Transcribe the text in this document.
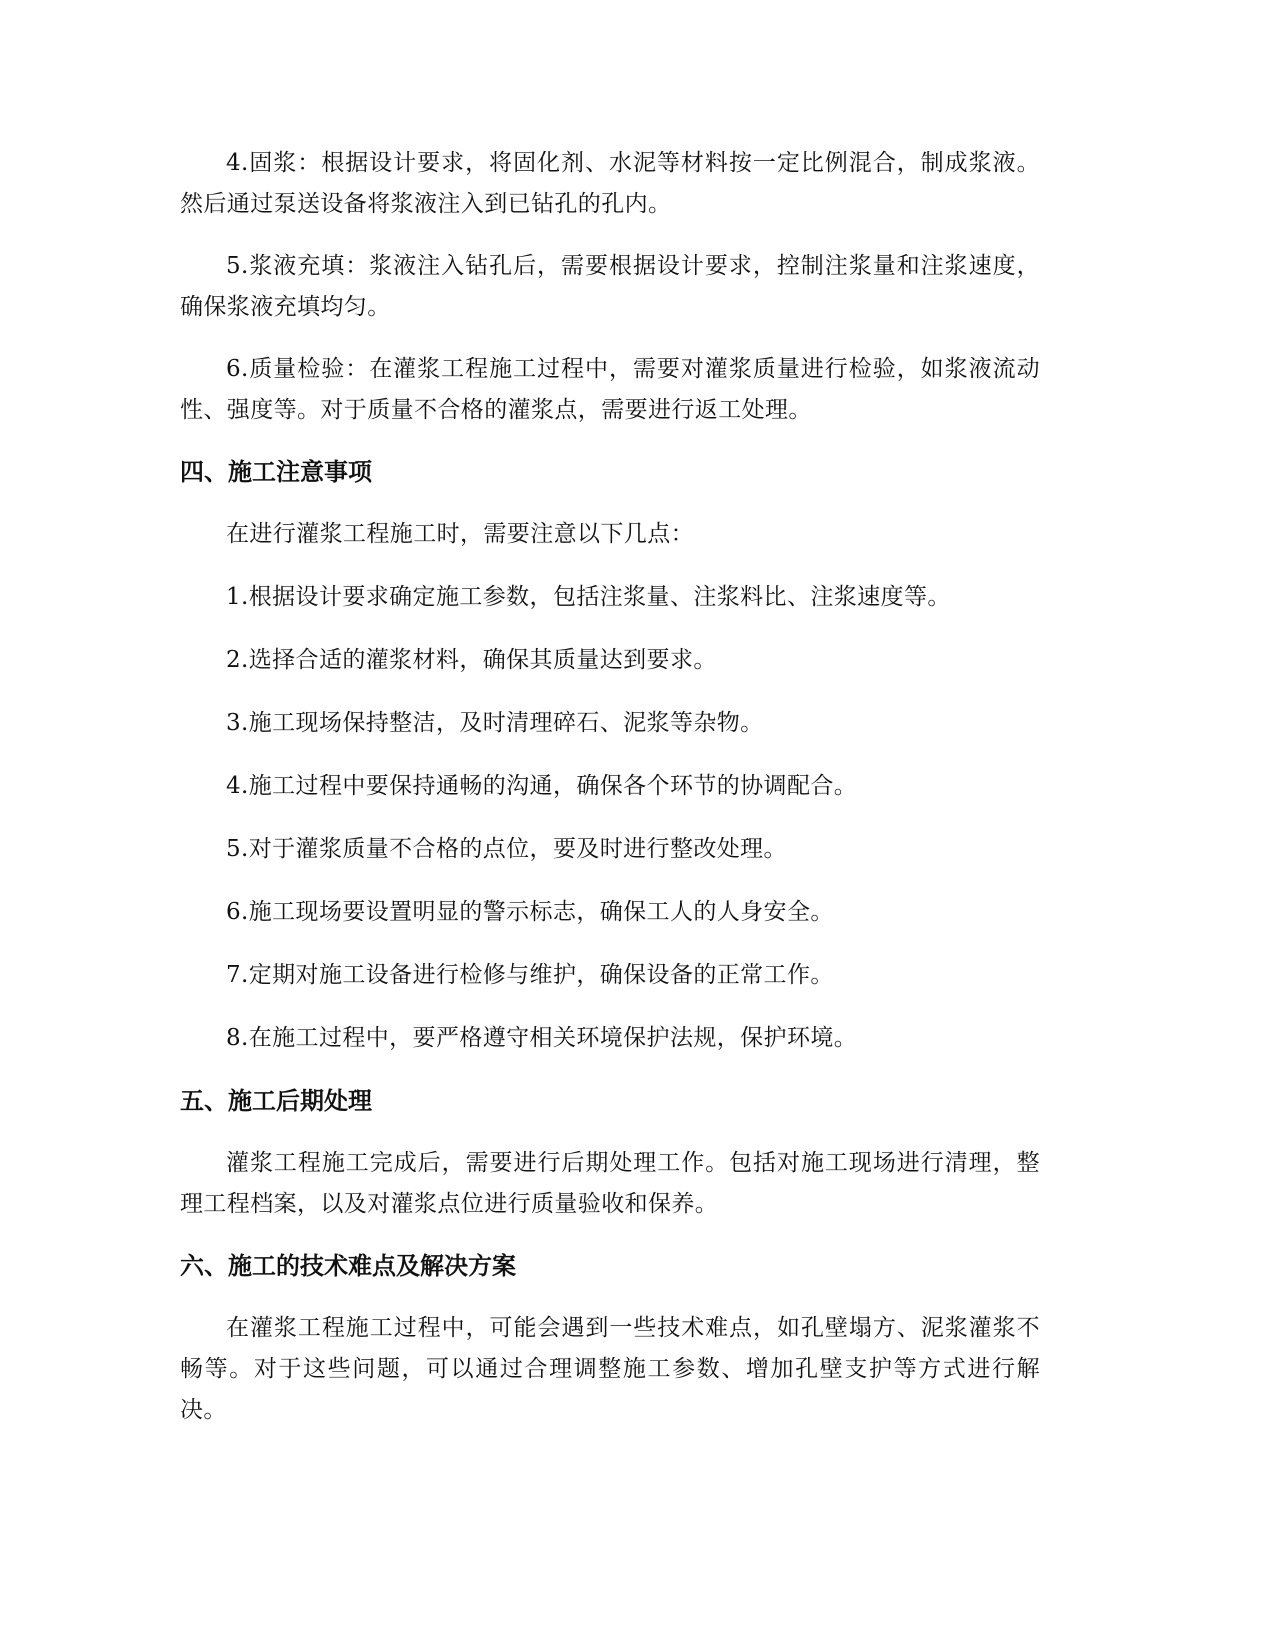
4.固浆：根据设计要求，将固化剂、水泥等材料按一定比例混合，制成浆液。然后通过泵送设备将浆液注入到已钻孔的孔内。

5.浆液充填：浆液注入钻孔后，需要根据设计要求，控制注浆量和注浆速度，确保浆液充填均匀。

6.质量检验：在灌浆工程施工过程中，需要对灌浆质量进行检验，如浆液流动性、强度等。对于质量不合格的灌浆点，需要进行返工处理。

四、施工注意事项

在进行灌浆工程施工时，需要注意以下几点：

1.根据设计要求确定施工参数，包括注浆量、注浆料比、注浆速度等。

2.选择合适的灌浆材料，确保其质量达到要求。

3.施工现场保持整洁，及时清理碎石、泥浆等杂物。

4.施工过程中要保持通畅的沟通，确保各个环节的协调配合。

5.对于灌浆质量不合格的点位，要及时进行整改处理。

6.施工现场要设置明显的警示标志，确保工人的人身安全。

7.定期对施工设备进行检修与维护，确保设备的正常工作。

8.在施工过程中，要严格遵守相关环境保护法规，保护环境。

五、施工后期处理

灌浆工程施工完成后，需要进行后期处理工作。包括对施工现场进行清理，整理工程档案，以及对灌浆点位进行质量验收和保养。

六、施工的技术难点及解决方案

在灌浆工程施工过程中，可能会遇到一些技术难点，如孔壁塌方、泥浆灌浆不畅等。对于这些问题，可以通过合理调整施工参数、增加孔壁支护等方式进行解决。
